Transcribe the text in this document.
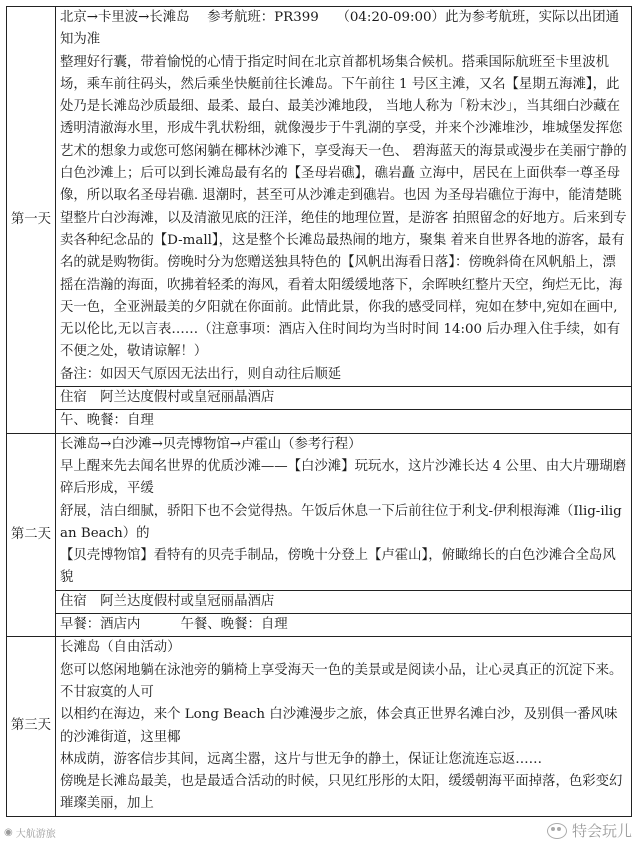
第一天	北京→卡里波→长滩岛　 参考航班：PR399　 （04:20-09:00）此为参考航班，实际以出团通知为准

整理好行囊，带着愉悦的心情于指定时间在北京首都机场集合候机。搭乘国际航班至卡里波机场，乘车前往码头，然后乘坐快艇前往长滩岛。下午前往 1 号区主滩，又名【星期五海滩】，此处乃是长滩岛沙质最细、最柔、最白、最美沙滩地段， 当地人称为「粉末沙」，当其细白沙藏在透明清澈海水里，形成牛乳状粉细，就像漫步于牛乳湖的享受，并来个沙滩堆沙，堆城堡发挥您艺术的想象力或您可悠闲躺在椰林沙滩下，享受海天一色、 碧海蓝天的海景或漫步在美丽宁静的白色沙滩上；后可以到长滩岛最有名的【圣母岩礁】，礁岩矗 立海中，居民在上面供奉一尊圣母像，所以取名圣母岩礁. 退潮时，甚至可从沙滩走到礁岩。也因 为圣母岩礁位于海中，能清楚眺望整片白沙海滩，以及清澈见底的汪洋，绝佳的地理位置，是游客 拍照留念的好地方。后来到专卖各种纪念品的【D-mall】，这是整个长滩岛最热闹的地方，聚集 着来自世界各地的游客，最有名的就是购物街。傍晚时分为您赠送独具特色的【风帆出海看日落】：傍晚斜倚在风帆船上，漂摇在浩瀚的海面，吹拂着轻柔的海风，看着太阳缓缓地落下，余晖映红整片天空，绚烂无比，海天一色，全亚洲最美的夕阳就在你面前。此情此景，你我的感受同样，宛如在梦中,宛如在画中,无以伦比,无以言表……（注意事项：酒店入住时间均为当时时间 14:00 后办理入住手续，如有不便之处，敬请谅解！）

备注：如因天气原因无法出行，则自动往后顺延

	住宿　阿兰达度假村或皇冠丽晶酒店
	午、晚餐：自理
第二天	长滩岛→白沙滩→贝壳博物馆→卢霍山（参考行程）

早上醒来先去闻名世界的优质沙滩——【白沙滩】玩玩水，这片沙滩长达 4 公里、由大片珊瑚磨碎后形成，平缓

舒展，洁白细腻，骄阳下也不会觉得热。午饭后休息一下后前往位于利戈-伊利根海滩（Ilig-iligan Beach）的

【贝壳博物馆】看特有的贝壳手制品，傍晚十分登上【卢霍山】，俯瞰绵长的白色沙滩合全岛风貌

	住宿　阿兰达度假村或皇冠丽晶酒店
	早餐：酒店内　　　午餐、晚餐：自理
第三天	长滩岛（自由活动）

您可以悠闲地躺在泳池旁的躺椅上享受海天一色的美景或是阅读小品，让心灵真正的沉淀下来。不甘寂寞的人可

以相约在海边，来个 Long Beach 白沙滩漫步之旅，体会真正世界名滩白沙，及别俱一番风味的沙滩街道，这里椰

林成荫，游客信步其间，远离尘嚣，这片与世无争的静土，保证让您流连忘返……

傍晚是长滩岛最美，也是最适合活动的时候，只见红彤彤的太阳，缓缓朝海平面掉落，色彩变幻璀璨美丽，加上

◉ 大航游旅	特会玩儿
